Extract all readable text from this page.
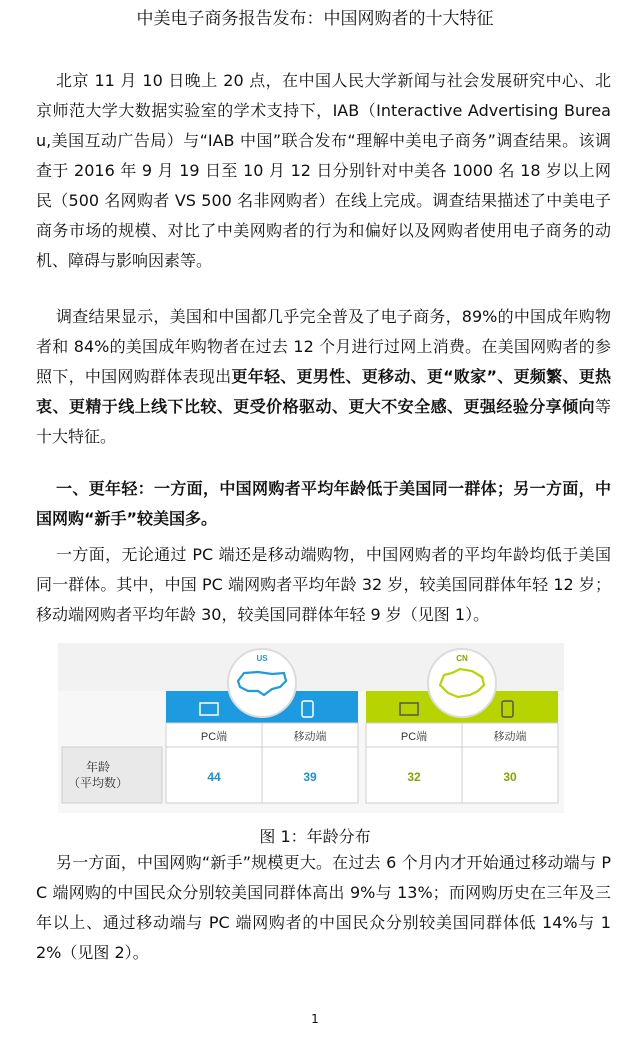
中美电子商务报告发布：中国网购者的十大特征

北京 11 月 10 日晚上 20 点，在中国人民大学新闻与社会发展研究中心、北京师范大学大数据实验室的学术支持下，IAB（Interactive Advertising Bureau,美国互动广告局）与“IAB 中国”联合发布“理解中美电子商务”调查结果。该调查于 2016 年 9 月 19 日至 10 月 12 日分别针对中美各 1000 名 18 岁以上网民（500 名网购者 VS 500 名非网购者）在线上完成。调查结果描述了中美电子商务市场的规模、对比了中美网购者的行为和偏好以及网购者使用电子商务的动机、障碍与影响因素等。

调查结果显示，美国和中国都几乎完全普及了电子商务，89%的中国成年购物者和 84%的美国成年购物者在过去 12 个月进行过网上消费。在美国网购者的参照下，中国网购群体表现出更年轻、更男性、更移动、更“败家”、更频繁、更热衷、更精于线上线下比较、更受价格驱动、更大不安全感、更强经验分享倾向等十大特征。

一、更年轻：一方面，中国网购者平均年龄低于美国同一群体；另一方面，中国网购“新手”较美国多。

一方面，无论通过 PC 端还是移动端购物，中国网购者的平均年龄均低于美国同一群体。其中，中国 PC 端网购者平均年龄 32 岁，较美国同群体年轻 12 岁；移动端网购者平均年龄 30，较美国同群体年轻 9 岁（见图 1）。

US	CN
PC端	移动端	PC端	移动端
年龄
（平均数）	44	39	32	30
图 1：年龄分布

另一方面，中国网购“新手”规模更大。在过去 6 个月内才开始通过移动端与 PC 端网购的中国民众分别较美国同群体高出 9%与 13%；而网购历史在三年及三年以上、通过移动端与 PC 端网购者的中国民众分别较美国同群体低 14%与 12%（见图 2）。

1
